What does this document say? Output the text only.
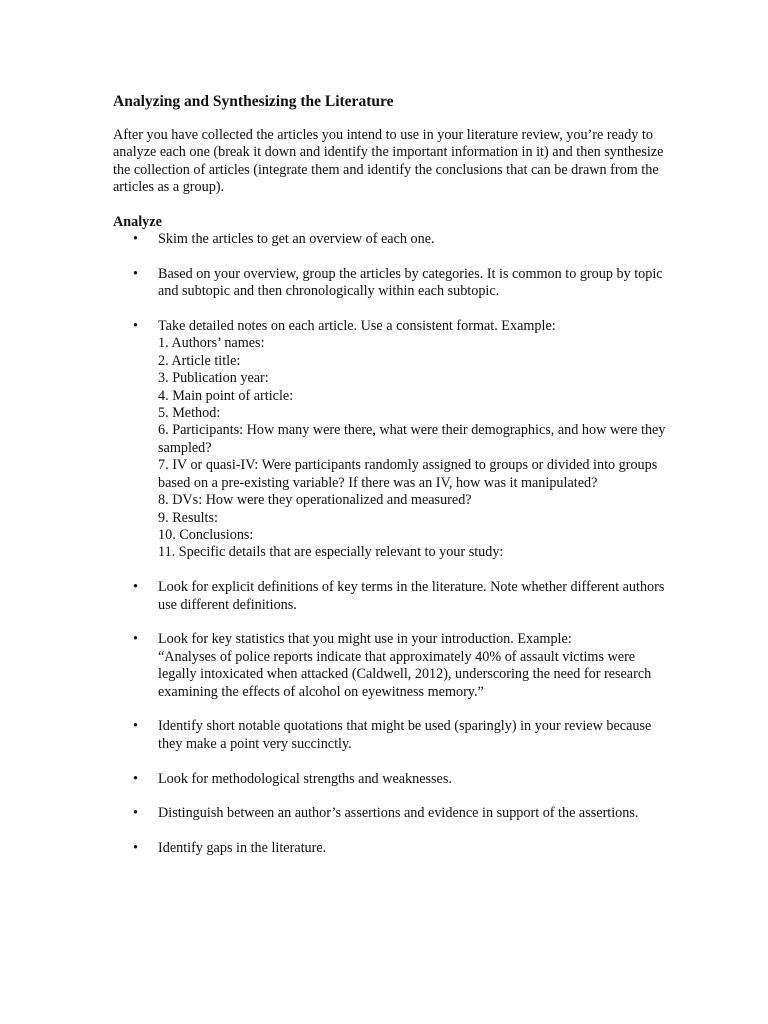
Analyzing and Synthesizing the Literature

After you have collected the articles you intend to use in your literature review, you’re ready to analyze each one (break it down and identify the important information in it) and then synthesize the collection of articles (integrate them and identify the conclusions that can be drawn from the articles as a group).

Analyze
• Skim the articles to get an overview of each one.
• Based on your overview, group the articles by categories. It is common to group by topic and subtopic and then chronologically within each subtopic.
• Take detailed notes on each article. Use a consistent format. Example:
1. Authors’ names:
2. Article title:
3. Publication year:
4. Main point of article:
5. Method:
6. Participants: How many were there, what were their demographics, and how were they sampled?
7. IV or quasi-IV: Were participants randomly assigned to groups or divided into groups based on a pre-existing variable? If there was an IV, how was it manipulated?
8. DVs: How were they operationalized and measured?
9. Results:
10. Conclusions:
11. Specific details that are especially relevant to your study:
• Look for explicit definitions of key terms in the literature. Note whether different authors use different definitions.
• Look for key statistics that you might use in your introduction. Example:
“Analyses of police reports indicate that approximately 40% of assault victims were legally intoxicated when attacked (Caldwell, 2012), underscoring the need for research examining the effects of alcohol on eyewitness memory.”
• Identify short notable quotations that might be used (sparingly) in your review because they make a point very succinctly.
• Look for methodological strengths and weaknesses.
• Distinguish between an author’s assertions and evidence in support of the assertions.
• Identify gaps in the literature.
